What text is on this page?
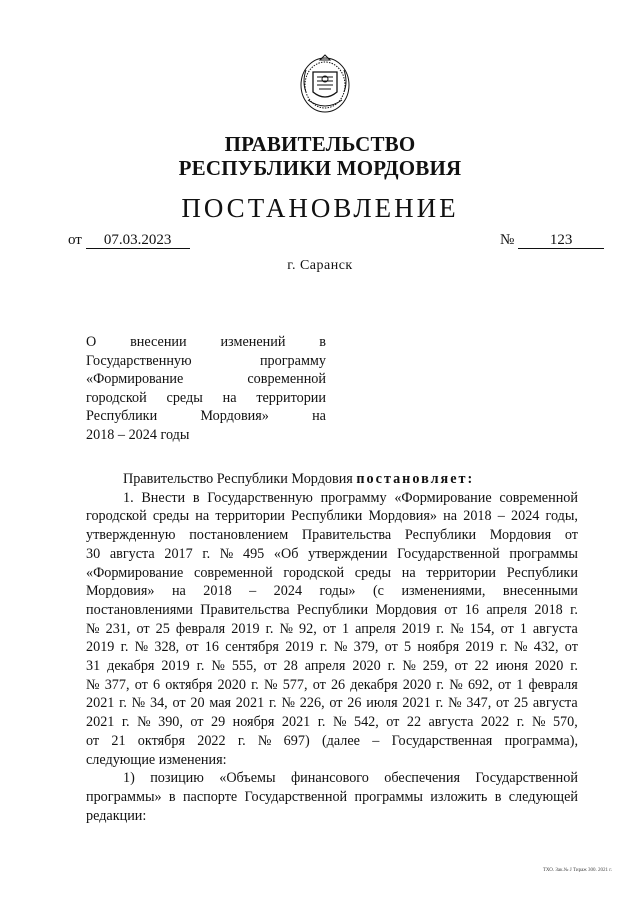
ПРАВИТЕЛЬСТВО
РЕСПУБЛИКИ МОРДОВИЯ
ПОСТАНОВЛЕНИЕ
от 07.03.2023	№ 123
г. Саранск
О внесении изменений в
Государственную	программу
«Формирование	современной
городской среды на территории
Республики	Мордовия»	на
2018 – 2024 годы
Правительство Республики Мордовия постановляет:
1. Внести в Государственную программу «Формирование современной
городской среды на территории Республики Мордовия» на 2018 – 2024 годы,
утвержденную постановлением Правительства Республики Мордовия от
30 августа 2017 г. № 495 «Об утверждении Государственной программы
«Формирование современной городской среды на территории Республики
Мордовия» на 2018 – 2024 годы» (с изменениями, внесенными
постановлениями Правительства Республики Мордовия от 16 апреля 2018 г.
№ 231, от 25 февраля 2019 г. № 92, от 1 апреля 2019 г. № 154, от 1 августа
2019 г. № 328, от 16 сентября 2019 г. № 379, от 5 ноября 2019 г. № 432, от
31 декабря 2019 г. № 555, от 28 апреля 2020 г. № 259, от 22 июня 2020 г.
№ 377, от 6 октября 2020 г. № 577, от 26 декабря 2020 г. № 692, от 1 февраля
2021 г. № 34, от 20 мая 2021 г. № 226, от 26 июля 2021 г. № 347, от 25 августа
2021 г. № 390, от 29 ноября 2021 г. № 542, от 22 августа 2022 г. № 570,
от 21 октября 2022 г. № 697) (далее – Государственная программа),
следующие изменения:
1) позицию «Объемы финансового обеспечения Государственной
программы» в паспорте Государственной программы изложить в следующей
редакции:
ТХО. Зак.№ J Тираж 300. 2021 г.
